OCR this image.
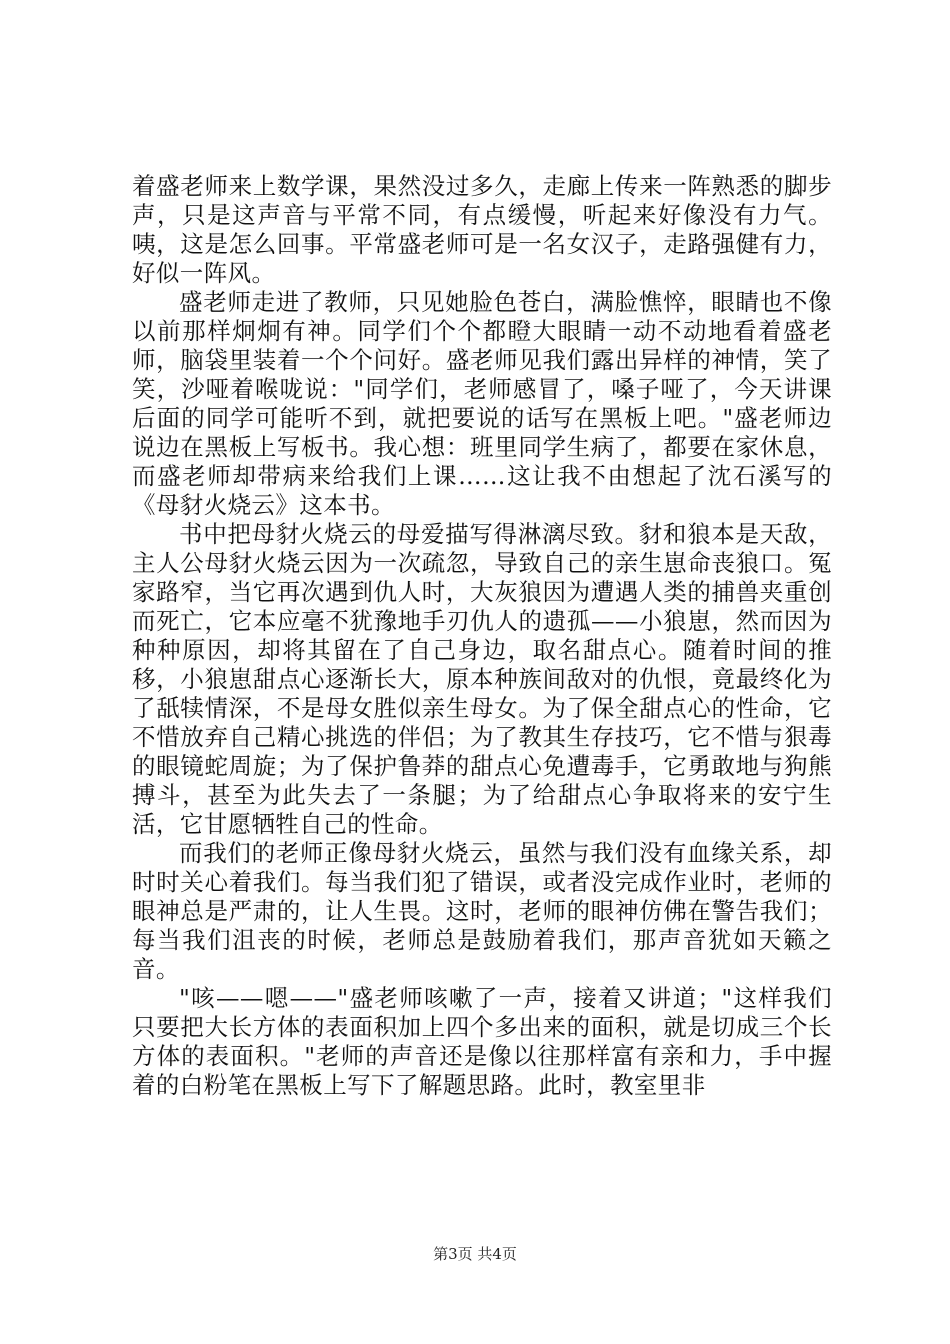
着盛老师来上数学课，果然没过多久，走廊上传来一阵熟悉的脚步声，只是这声音与平常不同，有点缓慢，听起来好像没有力气。咦，这是怎么回事。平常盛老师可是一名女汉子，走路强健有力，好似一阵风。

盛老师走进了教师，只见她脸色苍白，满脸憔悴，眼睛也不像以前那样炯炯有神。同学们个个都瞪大眼睛一动不动地看着盛老师，脑袋里装着一个个问好。盛老师见我们露出异样的神情，笑了笑，沙哑着喉咙说："同学们，老师感冒了，嗓子哑了，今天讲课后面的同学可能听不到，就把要说的话写在黑板上吧。"盛老师边说边在黑板上写板书。我心想：班里同学生病了，都要在家休息，而盛老师却带病来给我们上课……这让我不由想起了沈石溪写的《母豺火烧云》这本书。

书中把母豺火烧云的母爱描写得淋漓尽致。豺和狼本是天敌，主人公母豺火烧云因为一次疏忽，导致自己的亲生崽命丧狼口。冤家路窄，当它再次遇到仇人时，大灰狼因为遭遇人类的捕兽夹重创而死亡，它本应毫不犹豫地手刃仇人的遗孤——小狼崽，然而因为种种原因，却将其留在了自己身边，取名甜点心。随着时间的推移，小狼崽甜点心逐渐长大，原本种族间敌对的仇恨，竟最终化为了舐犊情深，不是母女胜似亲生母女。为了保全甜点心的性命，它不惜放弃自己精心挑选的伴侣；为了教其生存技巧，它不惜与狠毒的眼镜蛇周旋；为了保护鲁莽的甜点心免遭毒手，它勇敢地与狗熊搏斗，甚至为此失去了一条腿；为了给甜点心争取将来的安宁生活，它甘愿牺牲自己的性命。

而我们的老师正像母豺火烧云，虽然与我们没有血缘关系，却时时关心着我们。每当我们犯了错误，或者没完成作业时，老师的眼神总是严肃的，让人生畏。这时，老师的眼神仿佛在警告我们；每当我们沮丧的时候，老师总是鼓励着我们，那声音犹如天籁之音。

"咳——嗯——"盛老师咳嗽了一声，接着又讲道；"这样我们只要把大长方体的表面积加上四个多出来的面积，就是切成三个长方体的表面积。"老师的声音还是像以往那样富有亲和力，手中握着的白粉笔在黑板上写下了解题思路。此时，教室里非

第3页 共4页
